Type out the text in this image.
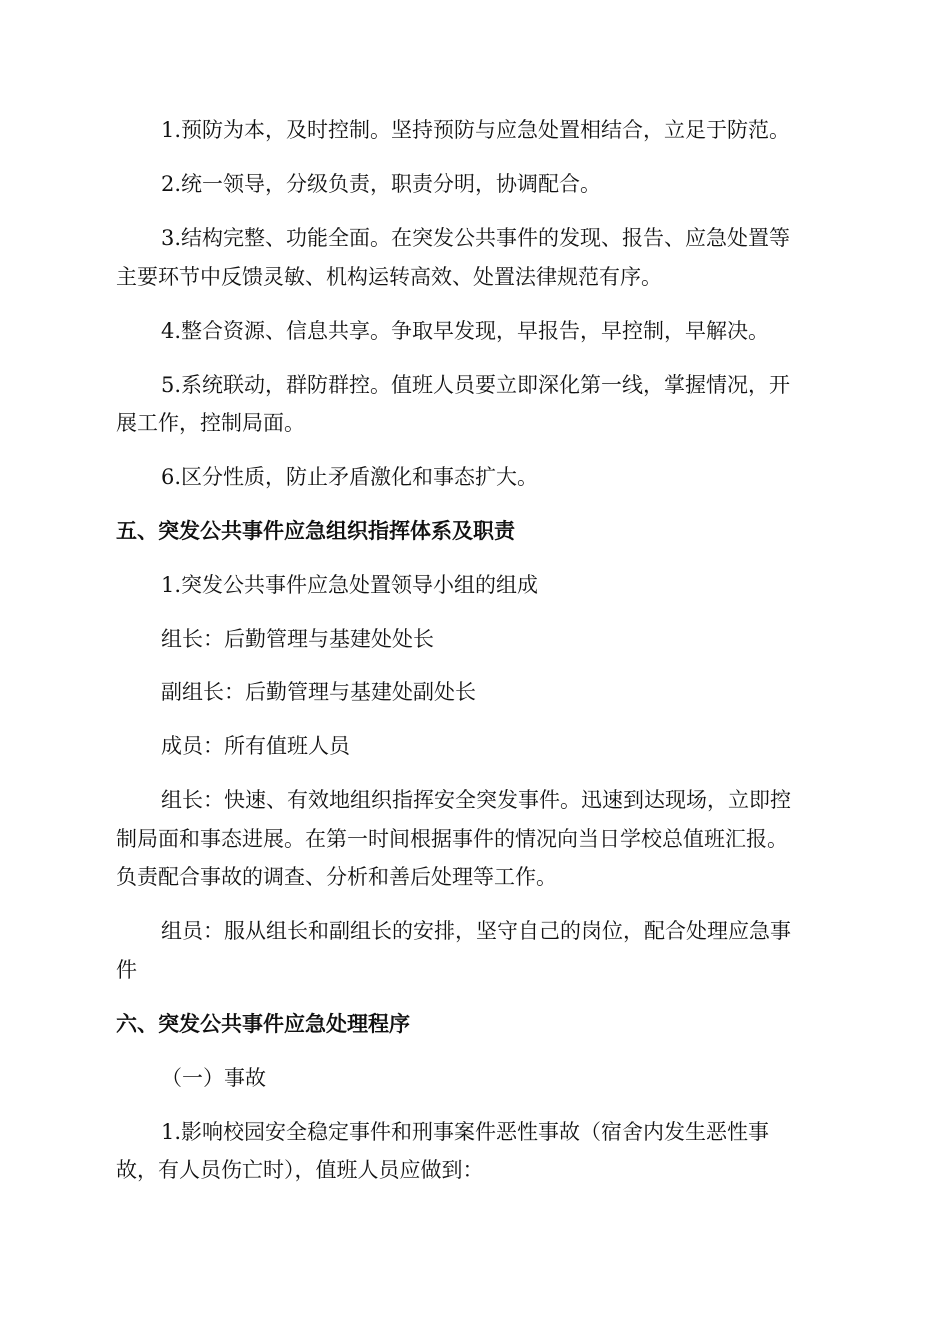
1.预防为本，及时控制。坚持预防与应急处置相结合，立足于防范。

2.统一领导，分级负责，职责分明，协调配合。

3.结构完整、功能全面。在突发公共事件的发现、报告、应急处置等

主要环节中反馈灵敏、机构运转高效、处置法律规范有序。

4.整合资源、信息共享。争取早发现，早报告，早控制，早解决。

5.系统联动，群防群控。值班人员要立即深化第一线，掌握情况，开

展工作，控制局面。

6.区分性质，防止矛盾激化和事态扩大。

五、突发公共事件应急组织指挥体系及职责

1.突发公共事件应急处置领导小组的组成

组长：后勤管理与基建处处长

副组长：后勤管理与基建处副处长

成员：所有值班人员

组长：快速、有效地组织指挥安全突发事件。迅速到达现场，立即控

制局面和事态进展。在第一时间根据事件的情况向当日学校总值班汇报。

负责配合事故的调查、分析和善后处理等工作。

组员：服从组长和副组长的安排，坚守自己的岗位，配合处理应急事

件

六、突发公共事件应急处理程序

（一）事故

1.影响校园安全稳定事件和刑事案件恶性事故（宿舍内发生恶性事

故，有人员伤亡时），值班人员应做到：
